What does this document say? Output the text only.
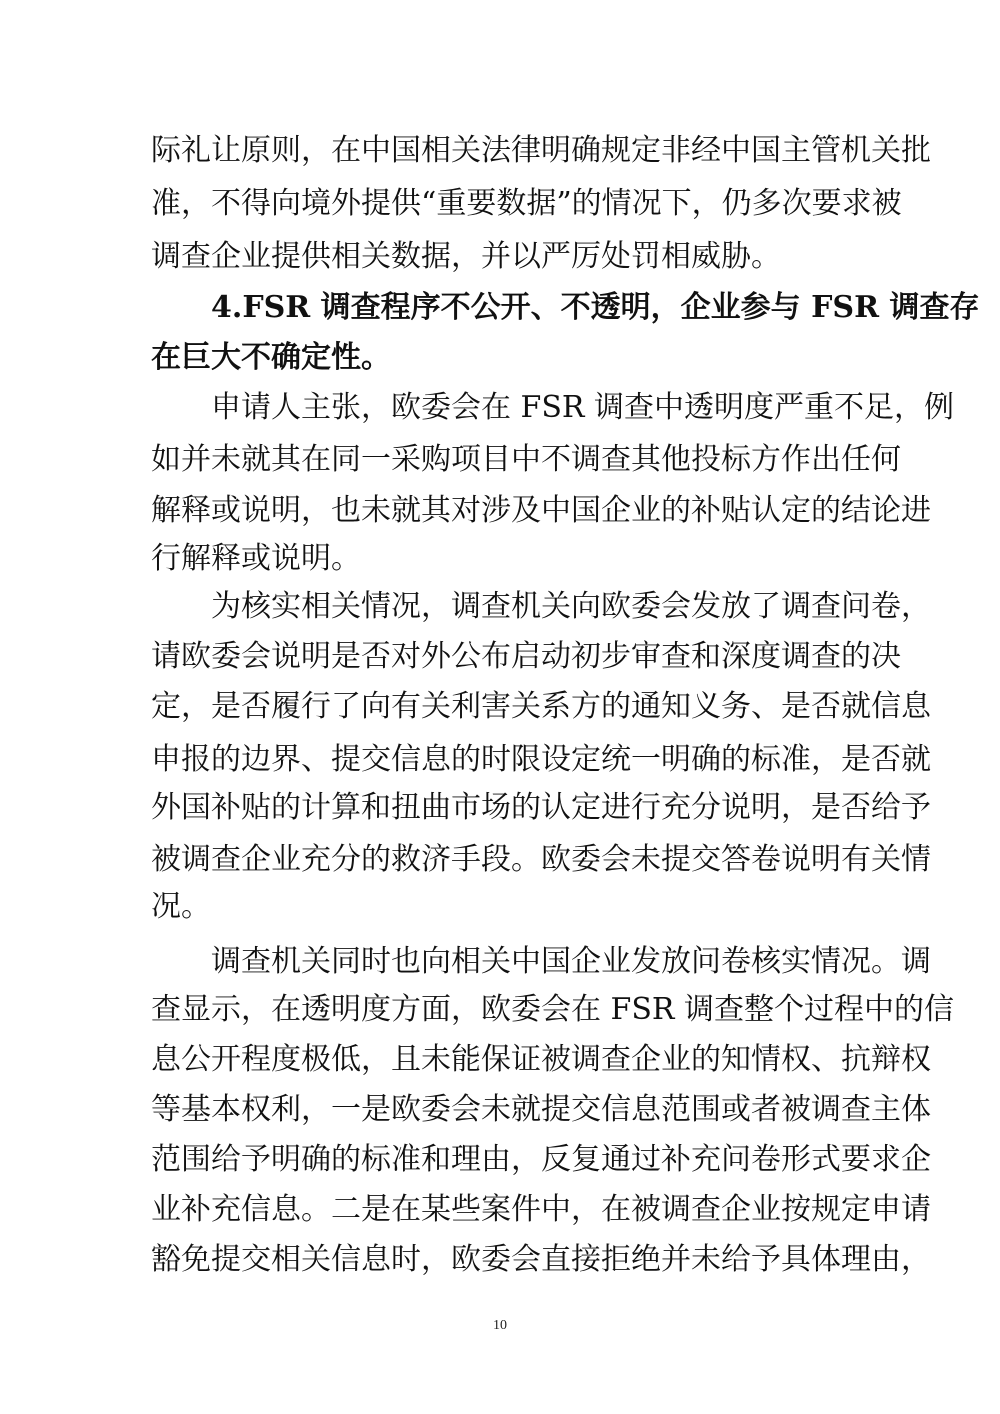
际礼让原则，在中国相关法律明确规定非经中国主管机关批
准，不得向境外提供“重要数据”的情况下，仍多次要求被
调查企业提供相关数据，并以严厉处罚相威胁。
4.FSR 调查程序不公开、不透明，企业参与 FSR 调查存
在巨大不确定性。
申请人主张，欧委会在 FSR 调查中透明度严重不足，例
如并未就其在同一采购项目中不调查其他投标方作出任何
解释或说明，也未就其对涉及中国企业的补贴认定的结论进
行解释或说明。
为核实相关情况，调查机关向欧委会发放了调查问卷，
请欧委会说明是否对外公布启动初步审查和深度调查的决
定，是否履行了向有关利害关系方的通知义务、是否就信息
申报的边界、提交信息的时限设定统一明确的标准，是否就
外国补贴的计算和扭曲市场的认定进行充分说明，是否给予
被调查企业充分的救济手段。欧委会未提交答卷说明有关情
况。
调查机关同时也向相关中国企业发放问卷核实情况。调
查显示，在透明度方面，欧委会在 FSR 调查整个过程中的信
息公开程度极低，且未能保证被调查企业的知情权、抗辩权
等基本权利，一是欧委会未就提交信息范围或者被调查主体
范围给予明确的标准和理由，反复通过补充问卷形式要求企
业补充信息。二是在某些案件中，在被调查企业按规定申请
豁免提交相关信息时，欧委会直接拒绝并未给予具体理由，
10
